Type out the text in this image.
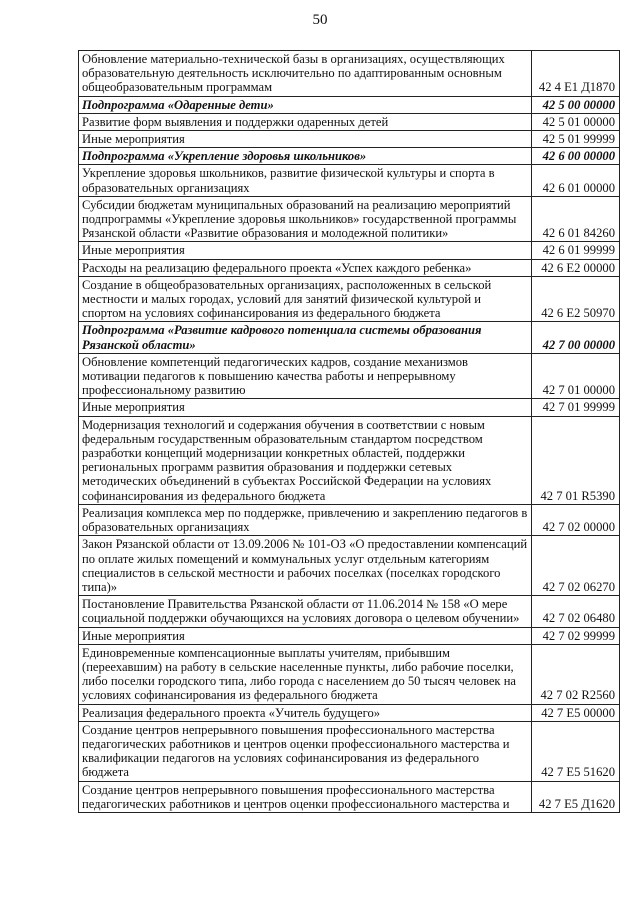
50
Обновление материально-технической базы в организациях, осуществляющих образовательную деятельность исключительно по адаптированным основным общеобразовательным программам	42 4 E1 Д1870
Подпрограмма «Одаренные дети»	42 5 00 00000
Развитие форм выявления и поддержки одаренных детей	42 5 01 00000
Иные мероприятия	42 5 01 99999
Подпрограмма «Укрепление здоровья школьников»	42 6 00 00000
Укрепление здоровья школьников, развитие физической культуры и спорта в образовательных организациях	42 6 01 00000
Субсидии бюджетам муниципальных образований на реализацию мероприятий подпрограммы «Укрепление здоровья школьников» государственной программы Рязанской области «Развитие образования и молодежной политики»	42 6 01 84260
Иные мероприятия	42 6 01 99999
Расходы на реализацию федерального проекта «Успех каждого ребенка»	42 6 E2 00000
Создание в общеобразовательных организациях, расположенных в сельской местности и малых городах, условий для занятий физической культурой и спортом на условиях софинансирования из федерального бюджета	42 6 E2 50970
Подпрограмма «Развитие кадрового потенциала системы образования Рязанской области»	42 7 00 00000
Обновление компетенций педагогических кадров, создание механизмов мотивации педагогов к повышению качества работы и непрерывному профессиональному развитию	42 7 01 00000
Иные мероприятия	42 7 01 99999
Модернизация технологий и содержания обучения в соответствии с новым федеральным государственным образовательным стандартом посредством разработки концепций модернизации конкретных областей, поддержки региональных программ развития образования и поддержки сетевых методических объединений в субъектах Российской Федерации на условиях софинансирования из федерального бюджета	42 7 01 R5390
Реализация комплекса мер по поддержке, привлечению и закреплению педагогов в образовательных организациях	42 7 02 00000
Закон Рязанской области от 13.09.2006 № 101-ОЗ «О предоставлении компенсаций по оплате жилых помещений и коммунальных услуг отдельным категориям специалистов в сельской местности и рабочих поселках (поселках городского типа)»	42 7 02 06270
Постановление Правительства Рязанской области от 11.06.2014 № 158 «О мере социальной поддержки обучающихся на условиях договора о целевом обучении»	42 7 02 06480
Иные мероприятия	42 7 02 99999
Единовременные компенсационные выплаты учителям, прибывшим (переехавшим) на работу в сельские населенные пункты, либо рабочие поселки, либо поселки городского типа, либо города с населением до 50 тысяч человек на условиях софинансирования из федерального бюджета	42 7 02 R2560
Реализация федерального проекта «Учитель будущего»	42 7 E5 00000
Создание центров непрерывного повышения профессионального мастерства педагогических работников и центров оценки профессионального мастерства и квалификации педагогов на условиях софинансирования из федерального бюджета	42 7 E5 51620
Создание центров непрерывного повышения профессионального мастерства педагогических работников и центров оценки профессионального мастерства и	42 7 E5 Д1620
